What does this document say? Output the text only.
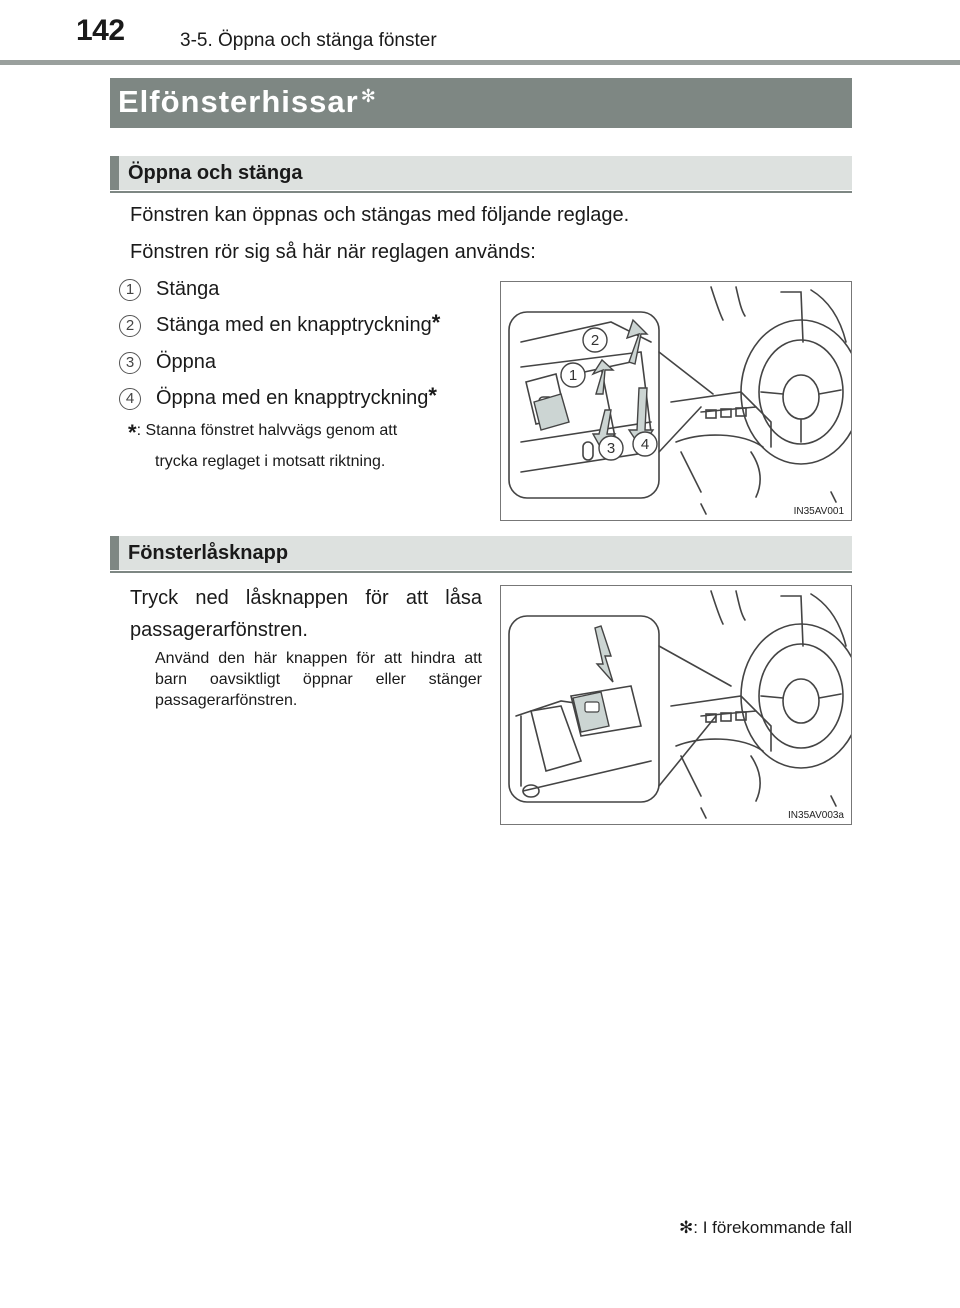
142	3-5. Öppna och stänga fönster
Elfönsterhissar ✻
Öppna och stänga
Fönstren kan öppnas och stängas med följande reglage.
Fönstren rör sig så här när reglagen används:
1	Stänga
2	Stänga med en knapptryckning*
3	Öppna
4	Öppna med en knapptryckning*
*: Stanna fönstret halvvägs genom att
trycka reglaget i motsatt riktning.
2
1
3 4
IN35AV001
Fönsterlåsknapp
Tryck ned låsknappen för att låsa passagerarfönstren.
Använd den här knappen för att hindra att barn oavsiktligt öppnar eller stänger passagerarfönstren.
IN35AV003a
✻: I förekommande fall
